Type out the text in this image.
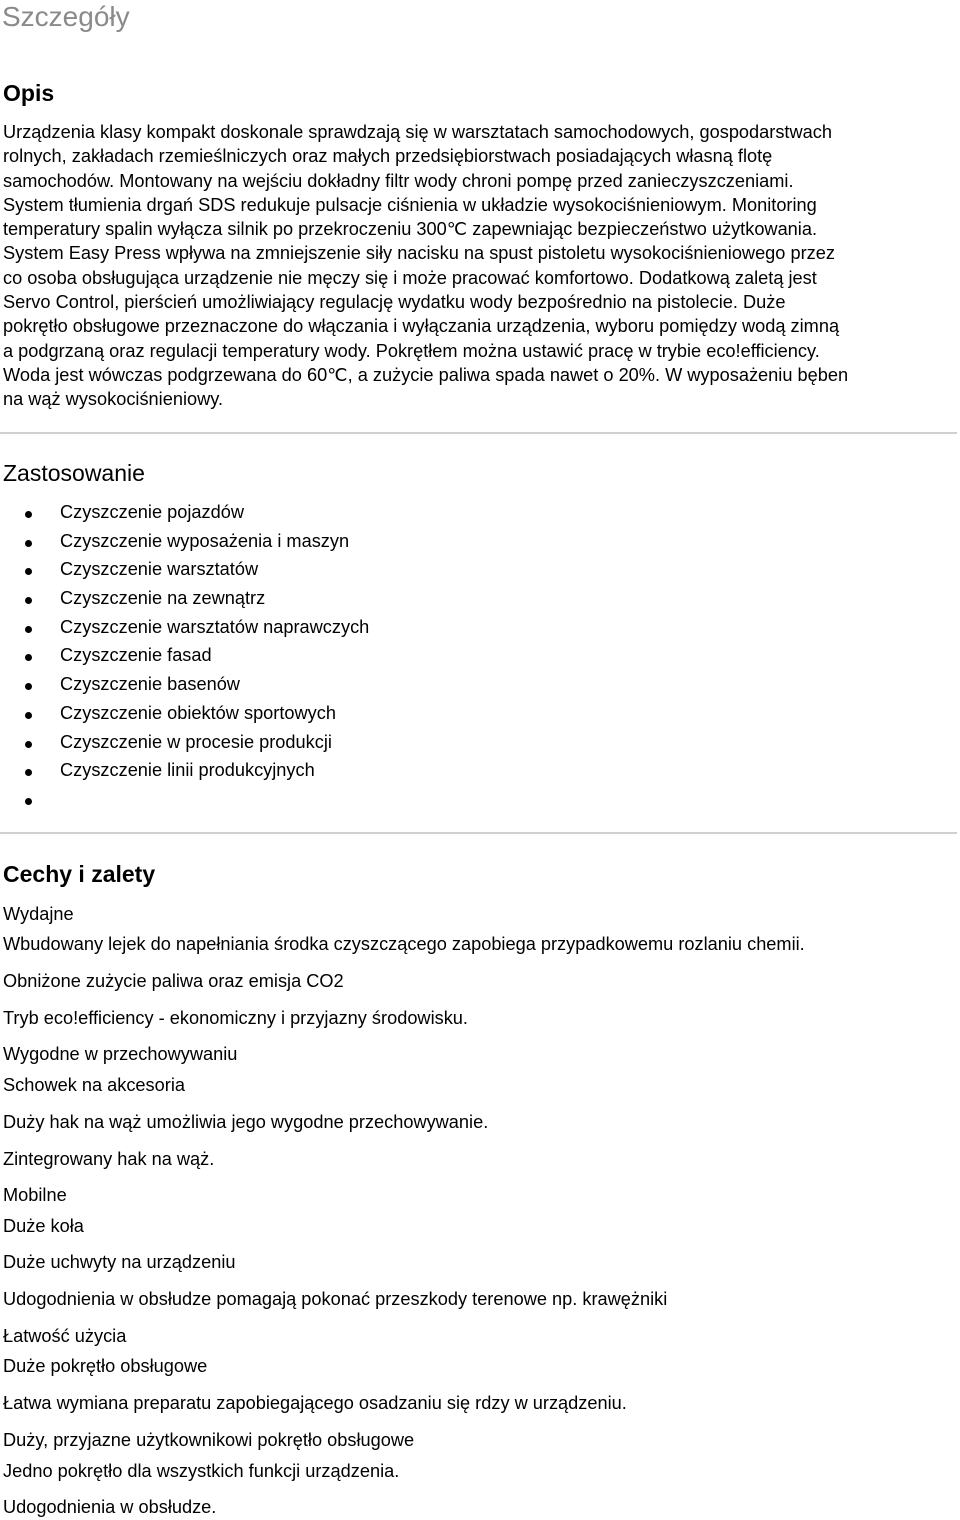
Szczegóły
Opis

Urządzenia klasy kompakt doskonale sprawdzają się w warsztatach samochodowych, gospodarstwach
rolnych, zakładach rzemieślniczych oraz małych przedsiębiorstwach posiadających własną flotę
samochodów. Montowany na wejściu dokładny filtr wody chroni pompę przed zanieczyszczeniami.
System tłumienia drgań SDS redukuje pulsacje ciśnienia w układzie wysokociśnieniowym. Monitoring
temperatury spalin wyłącza silnik po przekroczeniu 300℃ zapewniając bezpieczeństwo użytkowania.
System Easy Press wpływa na zmniejszenie siły nacisku na spust pistoletu wysokociśnieniowego przez
co osoba obsługująca urządzenie nie męczy się i może pracować komfortowo. Dodatkową zaletą jest
Servo Control, pierścień umożliwiający regulację wydatku wody bezpośrednio na pistolecie. Duże
pokrętło obsługowe przeznaczone do włączania i wyłączania urządzenia, wyboru pomiędzy wodą zimną
a podgrzaną oraz regulacji temperatury wody. Pokrętłem można ustawić pracę w trybie eco!efficiency.
Woda jest wówczas podgrzewana do 60℃, a zużycie paliwa spada nawet o 20%. W wyposażeniu bęben
na wąż wysokociśnieniowy.

Zastosowanie
Czyszczenie pojazdów
Czyszczenie wyposażenia i maszyn
Czyszczenie warsztatów
Czyszczenie na zewnątrz
Czyszczenie warsztatów naprawczych
Czyszczenie fasad
Czyszczenie basenów
Czyszczenie obiektów sportowych
Czyszczenie w procesie produkcji
Czyszczenie linii produkcyjnych
Cechy i zalety

Wydajne

Wbudowany lejek do napełniania środka czyszczącego zapobiega przypadkowemu rozlaniu chemii.

Obniżone zużycie paliwa oraz emisja CO2

Tryb eco!efficiency - ekonomiczny i przyjazny środowisku.

Wygodne w przechowywaniu

Schowek na akcesoria

Duży hak na wąż umożliwia jego wygodne przechowywanie.

Zintegrowany hak na wąż.

Mobilne

Duże koła

Duże uchwyty na urządzeniu

Udogodnienia w obsłudze pomagają pokonać przeszkody terenowe np. krawężniki

Łatwość użycia

Duże pokrętło obsługowe

Łatwa wymiana preparatu zapobiegającego osadzaniu się rdzy w urządzeniu.

Duży, przyjazne użytkownikowi pokrętło obsługowe

Jedno pokrętło dla wszystkich funkcji urządzenia.

Udogodnienia w obsłudze.
